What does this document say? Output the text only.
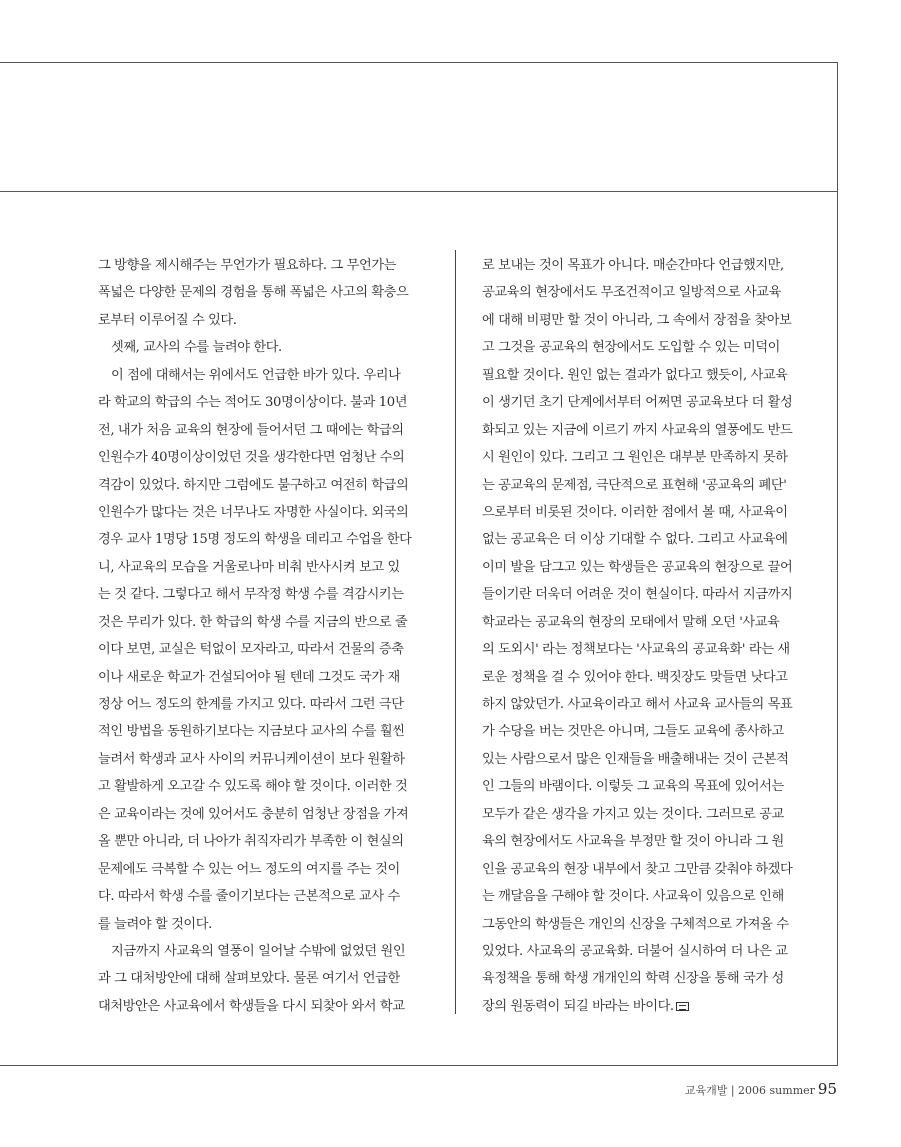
그 방향을 제시해주는 무언가가 필요하다. 그 무언가는
폭넓은 다양한 문제의 경험을 통해 폭넓은 사고의 확충으
로부터 이루어질 수 있다.
셋째, 교사의 수를 늘려야 한다.
이 점에 대해서는 위에서도 언급한 바가 있다. 우리나
라 학교의 학급의 수는 적어도 30명이상이다. 불과 10년
전, 내가 처음 교육의 현장에 들어서던 그 때에는 학급의
인원수가 40명이상이었던 것을 생각한다면 엄청난 수의
격감이 있었다. 하지만 그럼에도 불구하고 여전히 학급의
인원수가 많다는 것은 너무나도 자명한 사실이다. 외국의
경우 교사 1명당 15명 정도의 학생을 데리고 수업을 한다
니, 사교육의 모습을 거울로나마 비춰 반사시켜 보고 있
는 것 같다. 그렇다고 해서 무작정 학생 수를 격감시키는
것은 무리가 있다. 한 학급의 학생 수를 지금의 반으로 줄
이다 보면, 교실은 턱없이 모자라고, 따라서 건물의 증축
이나 새로운 학교가 건설되어야 될 텐데 그것도 국가 재
정상 어느 정도의 한계를 가지고 있다. 따라서 그런 극단
적인 방법을 동원하기보다는 지금보다 교사의 수를 훨씬
늘려서 학생과 교사 사이의 커뮤니케이션이 보다 원활하
고 활발하게 오고갈 수 있도록 해야 할 것이다. 이러한 것
은 교육이라는 것에 있어서도 충분히 엄청난 장점을 가져
올 뿐만 아니라, 더 나아가 취직자리가 부족한 이 현실의
문제에도 극복할 수 있는 어느 정도의 여지를 주는 것이
다. 따라서 학생 수를 줄이기보다는 근본적으로 교사 수
를 늘려야 할 것이다.
지금까지 사교육의 열풍이 일어날 수밖에 없었던 원인
과 그 대처방안에 대해 살펴보았다. 물론 여기서 언급한
대처방안은 사교육에서 학생들을 다시 되찾아 와서 학교
로 보내는 것이 목표가 아니다. 매순간마다 언급했지만,
공교육의 현장에서도 무조건적이고 일방적으로 사교육
에 대해 비평만 할 것이 아니라, 그 속에서 장점을 찾아보
고 그것을 공교육의 현장에서도 도입할 수 있는 미덕이
필요할 것이다. 원인 없는 결과가 없다고 했듯이, 사교육
이 생기던 초기 단계에서부터 어쩌면 공교육보다 더 활성
화되고 있는 지금에 이르기 까지 사교육의 열풍에도 반드
시 원인이 있다. 그리고 그 원인은 대부분 만족하지 못하
는 공교육의 문제점, 극단적으로 표현해 '공교육의 폐단'
으로부터 비롯된 것이다. 이러한 점에서 볼 때, 사교육이
없는 공교육은 더 이상 기대할 수 없다. 그리고 사교육에
이미 발을 담그고 있는 학생들은 공교육의 현장으로 끌어
들이기란 더욱더 어려운 것이 현실이다. 따라서 지금까지
학교라는 공교육의 현장의 모태에서 말해 오던 '사교육
의 도외시' 라는 정책보다는 '사교육의 공교육화' 라는 새
로운 정책을 걸 수 있어야 한다. 백짓장도 맞들면 낫다고
하지 않았던가. 사교육이라고 해서 사교육 교사들의 목표
가 수당을 버는 것만은 아니며, 그들도 교육에 종사하고
있는 사람으로서 많은 인재들을 배출해내는 것이 근본적
인 그들의 바램이다. 이렇듯 그 교육의 목표에 있어서는
모두가 같은 생각을 가지고 있는 것이다. 그러므로 공교
육의 현장에서도 사교육을 부정만 할 것이 아니라 그 원
인을 공교육의 현장 내부에서 찾고 그만큼 갖춰야 하겠다
는 깨달음을 구해야 할 것이다. 사교육이 있음으로 인해
그동안의 학생들은 개인의 신장을 구체적으로 가져올 수
있었다. 사교육의 공교육화. 더불어 실시하여 더 나은 교
육정책을 통해 학생 개개인의 학력 신장을 통해 국가 성
장의 원동력이 되길 바라는 바이다.
교육개발 | 2006 summer 95
